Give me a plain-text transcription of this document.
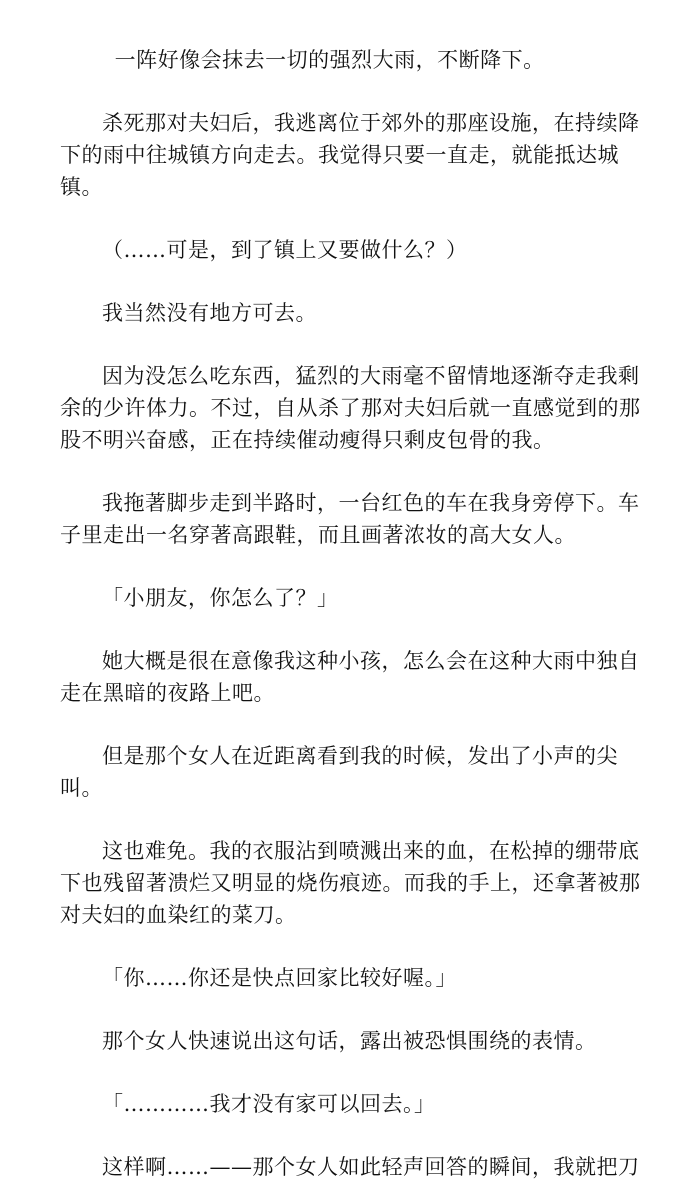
一阵好像会抹去一切的强烈大雨，不断降下。

杀死那对夫妇后，我逃离位于郊外的那座设施，在持续降下的雨中往城镇方向走去。我觉得只要一直走，就能抵达城镇。

（……可是，到了镇上又要做什么？）

我当然没有地方可去。

因为没怎么吃东西，猛烈的大雨毫不留情地逐渐夺走我剩余的少许体力。不过，自从杀了那对夫妇后就一直感觉到的那股不明兴奋感，正在持续催动瘦得只剩皮包骨的我。

我拖著脚步走到半路时，一台红色的车在我身旁停下。车子里走出一名穿著高跟鞋，而且画著浓妆的高大女人。

「小朋友，你怎么了？」

她大概是很在意像我这种小孩，怎么会在这种大雨中独自走在黑暗的夜路上吧。

但是那个女人在近距离看到我的时候，发出了小声的尖叫。

这也难免。我的衣服沾到喷溅出来的血，在松掉的绷带底下也残留著溃烂又明显的烧伤痕迹。而我的手上，还拿著被那对夫妇的血染红的菜刀。

「你……你还是快点回家比较好喔。」

那个女人快速说出这句话，露出被恐惧围绕的表情。

「…………我才没有家可以回去。」

这样啊……——那个女人如此轻声回答的瞬间，我就把刀
